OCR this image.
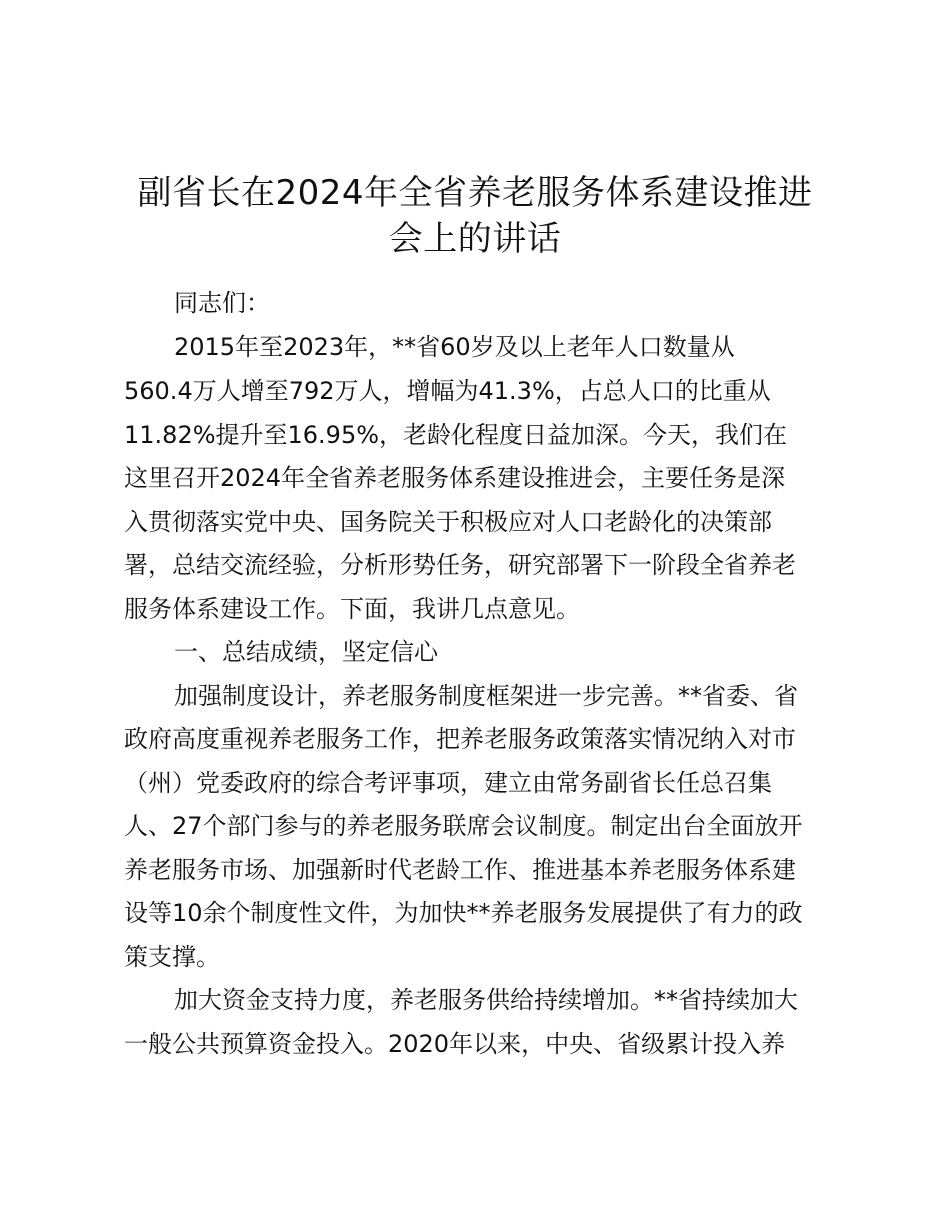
副省长在2024年全省养老服务体系建设推进
会上的讲话

同志们：

2015年至2023年，**省60岁及以上老年人口数量从

560.4万人增至792万人，增幅为41.3%，占总人口的比重从

11.82%提升至16.95%，老龄化程度日益加深。今天，我们在

这里召开2024年全省养老服务体系建设推进会，主要任务是深

入贯彻落实党中央、国务院关于积极应对人口老龄化的决策部

署，总结交流经验，分析形势任务，研究部署下一阶段全省养老

服务体系建设工作。下面，我讲几点意见。

一、总结成绩，坚定信心

加强制度设计，养老服务制度框架进一步完善。**省委、省

政府高度重视养老服务工作，把养老服务政策落实情况纳入对市

（州）党委政府的综合考评事项，建立由常务副省长任总召集

人、27个部门参与的养老服务联席会议制度。制定出台全面放开

养老服务市场、加强新时代老龄工作、推进基本养老服务体系建

设等10余个制度性文件，为加快**养老服务发展提供了有力的政

策支撑。

加大资金支持力度，养老服务供给持续增加。**省持续加大

一般公共预算资金投入。2020年以来，中央、省级累计投入养
